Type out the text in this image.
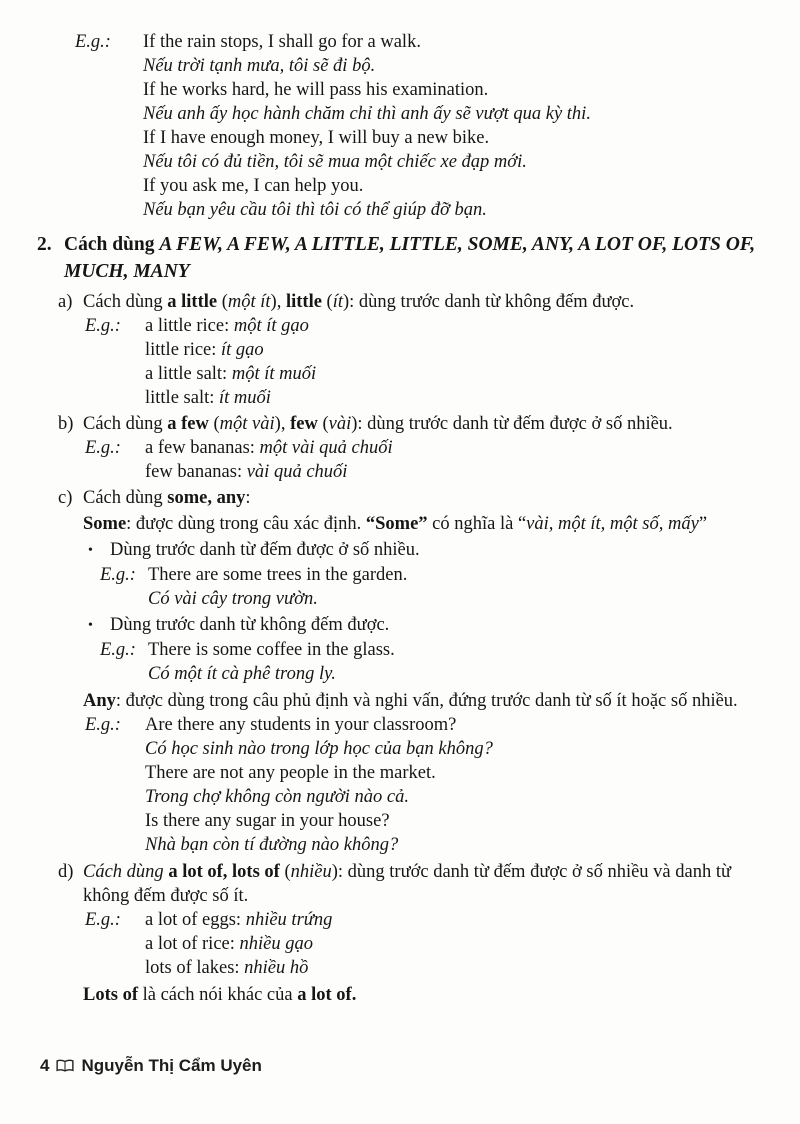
E.g.:	If the rain stops, I shall go for a walk.
Nếu trời tạnh mưa, tôi sẽ đi bộ.
If he works hard, he will pass his examination.
Nếu anh ấy học hành chăm chỉ thì anh ấy sẽ vượt qua kỳ thi.
If I have enough money, I will buy a new bike.
Nếu tôi có đủ tiền, tôi sẽ mua một chiếc xe đạp mới.
If you ask me, I can help you.
Nếu bạn yêu cầu tôi thì tôi có thể giúp đỡ bạn.
2. Cách dùng A FEW, A FEW, A LITTLE, LITTLE, SOME, ANY, A LOT OF, LOTS OF, MUCH, MANY
a) Cách dùng a little (một ít), little (ít): dùng trước danh từ không đếm được.
E.g.:	a little rice: một ít gạo
little rice: ít gạo
a little salt: một ít muối
little salt: ít muối
b) Cách dùng a few (một vài), few (vài): dùng trước danh từ đếm được ở số nhiều.
E.g.:	a few bananas: một vài quả chuối
few bananas: vài quả chuối
c) Cách dùng some, any:
Some: được dùng trong câu xác định. “Some” có nghĩa là “vài, một ít, một số, mấy”
• Dùng trước danh từ đếm được ở số nhiều.
E.g.: There are some trees in the garden.
Có vài cây trong vườn.
• Dùng trước danh từ không đếm được.
E.g.: There is some coffee in the glass.
Có một ít cà phê trong ly.
Any: được dùng trong câu phủ định và nghi vấn, đứng trước danh từ số ít hoặc số nhiều.
E.g.:	Are there any students in your classroom?
Có học sinh nào trong lớp học của bạn không?
There are not any people in the market.
Trong chợ không còn người nào cả.
Is there any sugar in your house?
Nhà bạn còn tí đường nào không?
d) Cách dùng a lot of, lots of (nhiều): dùng trước danh từ đếm được ở số nhiều và danh từ không đếm được số ít.
E.g.:	a lot of eggs: nhiều trứng
a lot of rice: nhiều gạo
lots of lakes: nhiều hồ
Lots of là cách nói khác của a lot of.
4 Nguyễn Thị Cẩm Uyên
